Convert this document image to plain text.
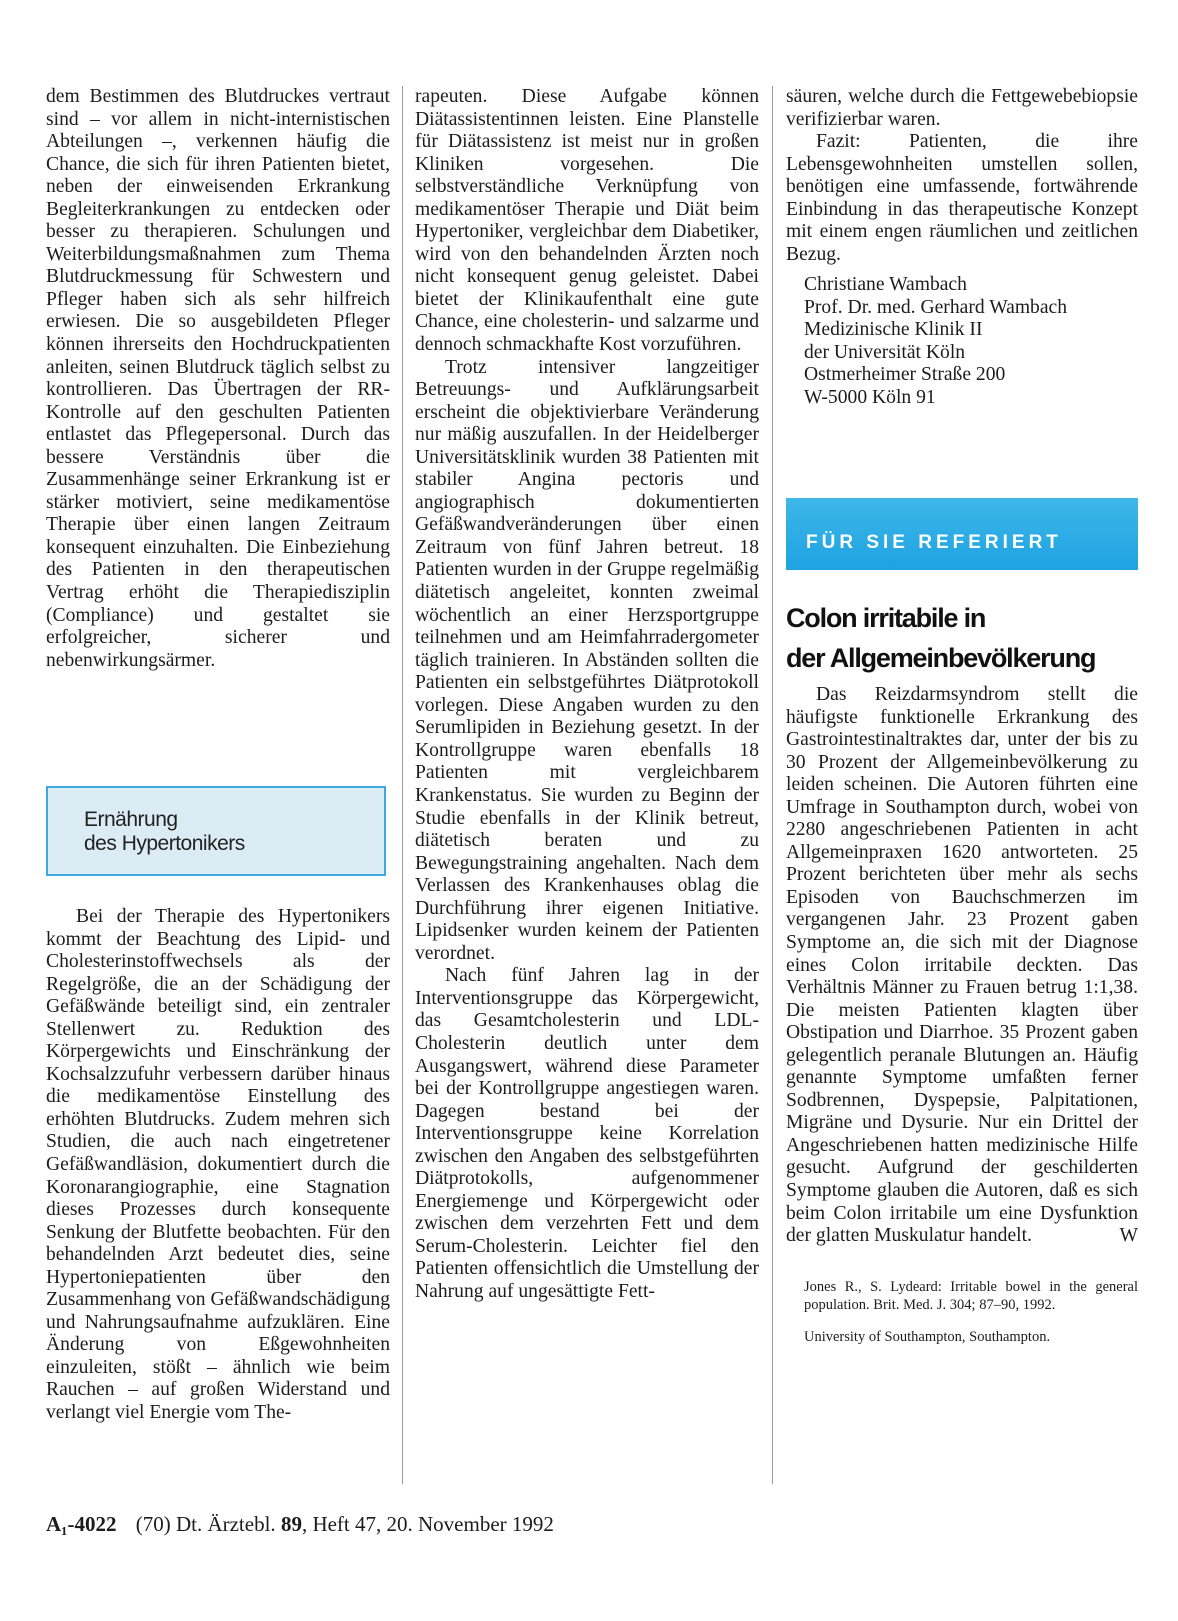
dem Bestimmen des Blutdruckes vertraut sind – vor allem in nicht-internistischen Abteilungen –, verkennen häufig die Chance, die sich für ihren Patienten bietet, neben der einweisenden Erkrankung Begleiterkrankungen zu entdecken oder besser zu therapieren. Schulungen und Weiterbildungsmaßnahmen zum Thema Blutdruckmessung für Schwestern und Pfleger haben sich als sehr hilfreich erwiesen. Die so ausgebildeten Pfleger können ihrerseits den Hochdruckpatienten anleiten, seinen Blutdruck täglich selbst zu kontrollieren. Das Übertragen der RR-Kontrolle auf den geschulten Patienten entlastet das Pflegepersonal. Durch das bessere Verständnis über die Zusammenhänge seiner Erkrankung ist er stärker motiviert, seine medikamentöse Therapie über einen langen Zeitraum konsequent einzuhalten. Die Einbeziehung des Patienten in den therapeutischen Vertrag erhöht die Therapiedisziplin (Compliance) und gestaltet sie erfolgreicher, sicherer und nebenwirkungsärmer.

Ernährung
des Hypertonikers

Bei der Therapie des Hypertonikers kommt der Beachtung des Lipid- und Cholesterinstoffwechsels als der Regelgröße, die an der Schädigung der Gefäßwände beteiligt sind, ein zentraler Stellenwert zu. Reduktion des Körpergewichts und Einschränkung der Kochsalzzufuhr verbessern darüber hinaus die medikamentöse Einstellung des erhöhten Blutdrucks. Zudem mehren sich Studien, die auch nach eingetretener Gefäßwandläsion, dokumentiert durch die Koronarangiographie, eine Stagnation dieses Prozesses durch konsequente Senkung der Blutfette beobachten. Für den behandelnden Arzt bedeutet dies, seine Hypertoniepatienten über den Zusammenhang von Gefäßwandschädigung und Nahrungsaufnahme aufzuklären. Eine Änderung von Eßgewohnheiten einzuleiten, stößt – ähnlich wie beim Rauchen – auf großen Widerstand und verlangt viel Energie vom The-

rapeuten. Diese Aufgabe können Diätassistentinnen leisten. Eine Planstelle für Diätassistenz ist meist nur in großen Kliniken vorgesehen. Die selbstverständliche Verknüpfung von medikamentöser Therapie und Diät beim Hypertoniker, vergleichbar dem Diabetiker, wird von den behandelnden Ärzten noch nicht konsequent genug geleistet. Dabei bietet der Klinikaufenthalt eine gute Chance, eine cholesterin- und salzarme und dennoch schmackhafte Kost vorzuführen.

Trotz intensiver langzeitiger Betreuungs- und Aufklärungsarbeit erscheint die objektivierbare Veränderung nur mäßig auszufallen. In der Heidelberger Universitätsklinik wurden 38 Patienten mit stabiler Angina pectoris und angiographisch dokumentierten Gefäßwandveränderungen über einen Zeitraum von fünf Jahren betreut. 18 Patienten wurden in der Gruppe regelmäßig diätetisch angeleitet, konnten zweimal wöchentlich an einer Herzsportgruppe teilnehmen und am Heimfahrradergometer täglich trainieren. In Abständen sollten die Patienten ein selbstgeführtes Diätprotokoll vorlegen. Diese Angaben wurden zu den Serumlipiden in Beziehung gesetzt. In der Kontrollgruppe waren ebenfalls 18 Patienten mit vergleichbarem Krankenstatus. Sie wurden zu Beginn der Studie ebenfalls in der Klinik betreut, diätetisch beraten und zu Bewegungstraining angehalten. Nach dem Verlassen des Krankenhauses oblag die Durchführung ihrer eigenen Initiative. Lipidsenker wurden keinem der Patienten verordnet.

Nach fünf Jahren lag in der Interventionsgruppe das Körpergewicht, das Gesamtcholesterin und LDL-Cholesterin deutlich unter dem Ausgangswert, während diese Parameter bei der Kontrollgruppe angestiegen waren. Dagegen bestand bei der Interventionsgruppe keine Korrelation zwischen den Angaben des selbstgeführten Diätprotokolls, aufgenommener Energiemenge und Körpergewicht oder zwischen dem verzehrten Fett und dem Serum-Cholesterin. Leichter fiel den Patienten offensichtlich die Umstellung der Nahrung auf ungesättigte Fett-

säuren, welche durch die Fettgewebebiopsie verifizierbar waren.

Fazit: Patienten, die ihre Lebensgewohnheiten umstellen sollen, benötigen eine umfassende, fortwährende Einbindung in das therapeutische Konzept mit einem engen räumlichen und zeitlichen Bezug.

Christiane Wambach

Prof. Dr. med. Gerhard Wambach

Medizinische Klinik II

der Universität Köln

Ostmerheimer Straße 200

W-5000 Köln 91

FÜR SIE REFERIERT
Colon irritabile in
der Allgemeinbevölkerung

Das Reizdarmsyndrom stellt die häufigste funktionelle Erkrankung des Gastrointestinaltraktes dar, unter der bis zu 30 Prozent der Allgemeinbevölkerung zu leiden scheinen. Die Autoren führten eine Umfrage in Southampton durch, wobei von 2280 angeschriebenen Patienten in acht Allgemeinpraxen 1620 antworteten. 25 Prozent berichteten über mehr als sechs Episoden von Bauchschmerzen im vergangenen Jahr. 23 Prozent gaben Symptome an, die sich mit der Diagnose eines Colon irritabile deckten. Das Verhältnis Männer zu Frauen betrug 1:1,38. Die meisten Patienten klagten über Obstipation und Diarrhoe. 35 Prozent gaben gelegentlich peranale Blutungen an. Häufig genannte Symptome umfaßten ferner Sodbrennen, Dyspepsie, Palpitationen, Migräne und Dysurie. Nur ein Drittel der Angeschriebenen hatten medizinische Hilfe gesucht. Aufgrund der geschilderten Symptome glauben die Autoren, daß es sich beim Colon irritabile um eine Dysfunktion der glatten Muskulatur handelt.	W

Jones R., S. Lydeard: Irritable bowel in the general population. Brit. Med. J. 304; 87–90, 1992.

University of Southampton, Southampton.

A₁-4022 (70) Dt. Ärztebl. 89, Heft 47, 20. November 1992
